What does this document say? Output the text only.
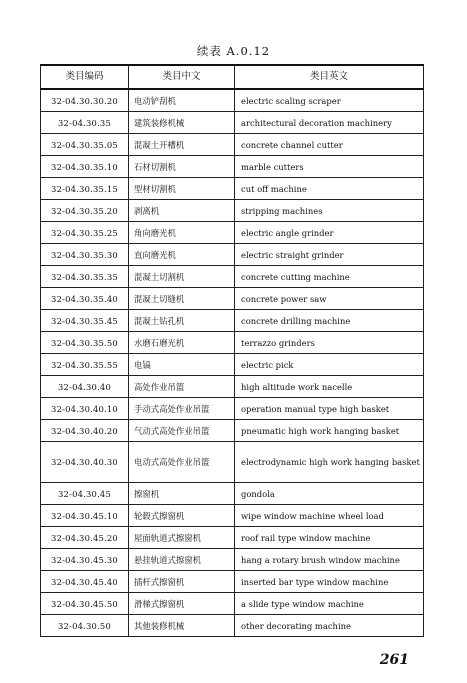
续表 A.0.12
类目编码	类目中文	类目英文
32-04.30.30.20	电动铲刮机	electric scaling scraper
32-04.30.35	建筑装修机械	architectural decoration machinery
32-04.30.35.05	混凝土开槽机	concrete channel cutter
32-04.30.35.10	石材切割机	marble cutters
32-04.30.35.15	型材切割机	cut off machine
32-04.30.35.20	剥离机	stripping machines
32-04.30.35.25	角向磨光机	electric angle grinder
32-04.30.35.30	直向磨光机	electric straight grinder
32-04.30.35.35	混凝土切割机	concrete cutting machine
32-04.30.35.40	混凝土切缝机	concrete power saw
32-04.30.35.45	混凝土钻孔机	concrete drilling machine
32-04.30.35.50	水磨石磨光机	terrazzo grinders
32-04.30.35.55	电镐	electric pick
32-04.30.40	高处作业吊篮	high altitude work nacelle
32-04.30.40.10	手动式高处作业吊篮	operation manual type high basket
32-04.30.40.20	气动式高处作业吊篮	pneumatic high work hanging basket
32-04.30.40.30	电动式高处作业吊篮	electrodynamic high work hanging basket
32-04.30.45	擦窗机	gondola
32-04.30.45.10	轮毂式擦窗机	wipe window machine wheel load
32-04.30.45.20	屋面轨道式擦窗机	roof rail type window machine
32-04.30.45.30	悬挂轨道式擦窗机	hang a rotary brush window machine
32-04.30.45.40	插杆式擦窗机	inserted bar type window machine
32-04.30.45.50	滑梯式擦窗机	a slide type window machine
32-04.30.50	其他装修机械	other decorating machine
261
